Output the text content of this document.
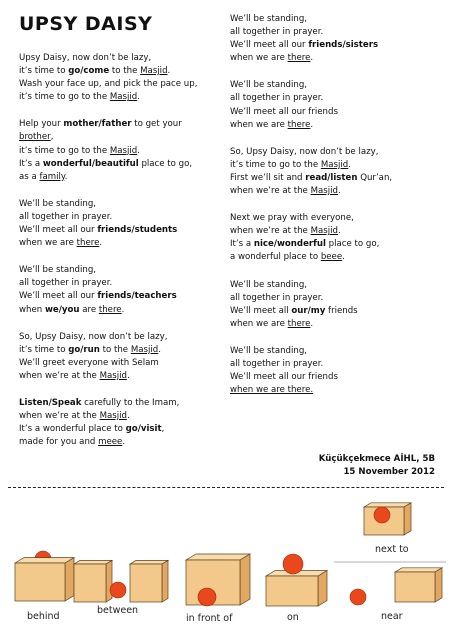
UPSY DAISY
Upsy Daisy, now don’t be lazy,
it’s time to go/come to the Masjid.
Wash your face up, and pick the pace up,
it’s time to go to the Masjid.
Help your mother/father to get your
brother,
it’s time to go to the Masjid.
It’s a wonderful/beautiful place to go,
as a family.
We’ll be standing,
all together in prayer.
We’ll meet all our friends/students
when we are there.
We’ll be standing,
all together in prayer.
We’ll meet all our friends/teachers
when we/you are there.
So, Upsy Daisy, now don’t be lazy,
it’s time to go/run to the Masjid.
We’ll greet everyone with Selam
when we’re at the Masjid.
Listen/Speak carefully to the Imam,
when we’re at the Masjid.
It’s a wonderful place to go/visit,
made for you and meee.
We’ll be standing,
all together in prayer.
We’ll meet all our friends/sisters
when we are there.
We’ll be standing,
all together in prayer.
We’ll meet all our friends
when we are there.
So, Upsy Daisy, now don’t be lazy,
it’s time to go to the Masjid.
First we’ll sit and read/listen Qur’an,
when we’re at the Masjid.
Next we pray with everyone,
when we’re at the Masjid.
It’s a nice/wonderful place to go,
a wonderful place to beee.
We’ll be standing,
all together in prayer.
We’ll meet all our/my friends
when we are there.
We’ll be standing,
all together in prayer.
We’ll meet all our friends
when we are there.
Küçükçekmece AİHL, 5B
15 November 2012
behind
between
in front of	on	near
next to
